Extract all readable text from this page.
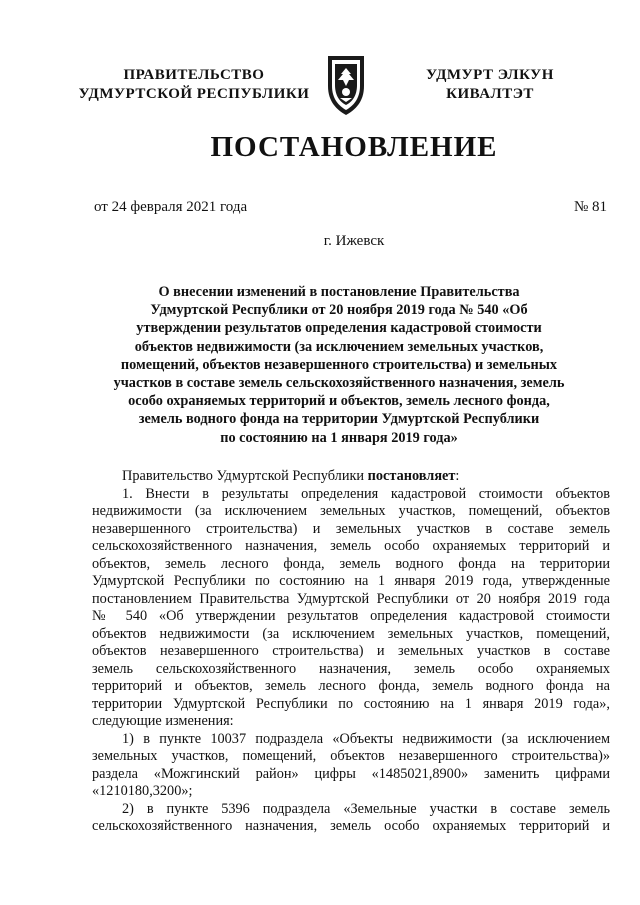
ПРАВИТЕЛЬСТВО
УДМУРТСКОЙ РЕСПУБЛИКИ
УДМУРТ ЭЛКУН
КИВАЛТЭТ
ПОСТАНОВЛЕНИЕ
от 24 февраля 2021 года	№ 81
г. Ижевск
О внесении изменений в постановление Правительства
Удмуртской Республики от 20 ноября 2019 года № 540 «Об
утверждении результатов определения кадастровой стоимости
объектов недвижимости (за исключением земельных участков,
помещений, объектов незавершенного строительства) и земельных
участков в составе земель сельскохозяйственного назначения, земель
особо охраняемых территорий и объектов, земель лесного фонда,
земель водного фонда на территории Удмуртской Республики
по состоянию на 1 января 2019 года»
Правительство Удмуртской Республики постановляет:
1. Внести в результаты определения кадастровой стоимости объектов
недвижимости (за исключением земельных участков, помещений, объектов
незавершенного строительства) и земельных участков в составе земель
сельскохозяйственного назначения, земель особо охраняемых территорий и
объектов, земель лесного фонда, земель водного фонда на территории
Удмуртской Республики по состоянию на 1 января 2019 года, утвержденные
постановлением Правительства Удмуртской Республики от 20 ноября 2019 года
№ 540 «Об утверждении результатов определения кадастровой стоимости
объектов недвижимости (за исключением земельных участков, помещений,
объектов незавершенного строительства) и земельных участков в составе
земель сельскохозяйственного назначения, земель особо охраняемых
территорий и объектов, земель лесного фонда, земель водного фонда на
территории Удмуртской Республики по состоянию на 1 января 2019 года»,
следующие изменения:
1) в пункте 10037 подраздела «Объекты недвижимости (за исключением
земельных участков, помещений, объектов незавершенного строительства)»
раздела «Можгинский район» цифры «1485021,8900» заменить цифрами
«1210180,3200»;
2) в пункте 5396 подраздела «Земельные участки в составе земель
сельскохозяйственного назначения, земель особо охраняемых территорий и
